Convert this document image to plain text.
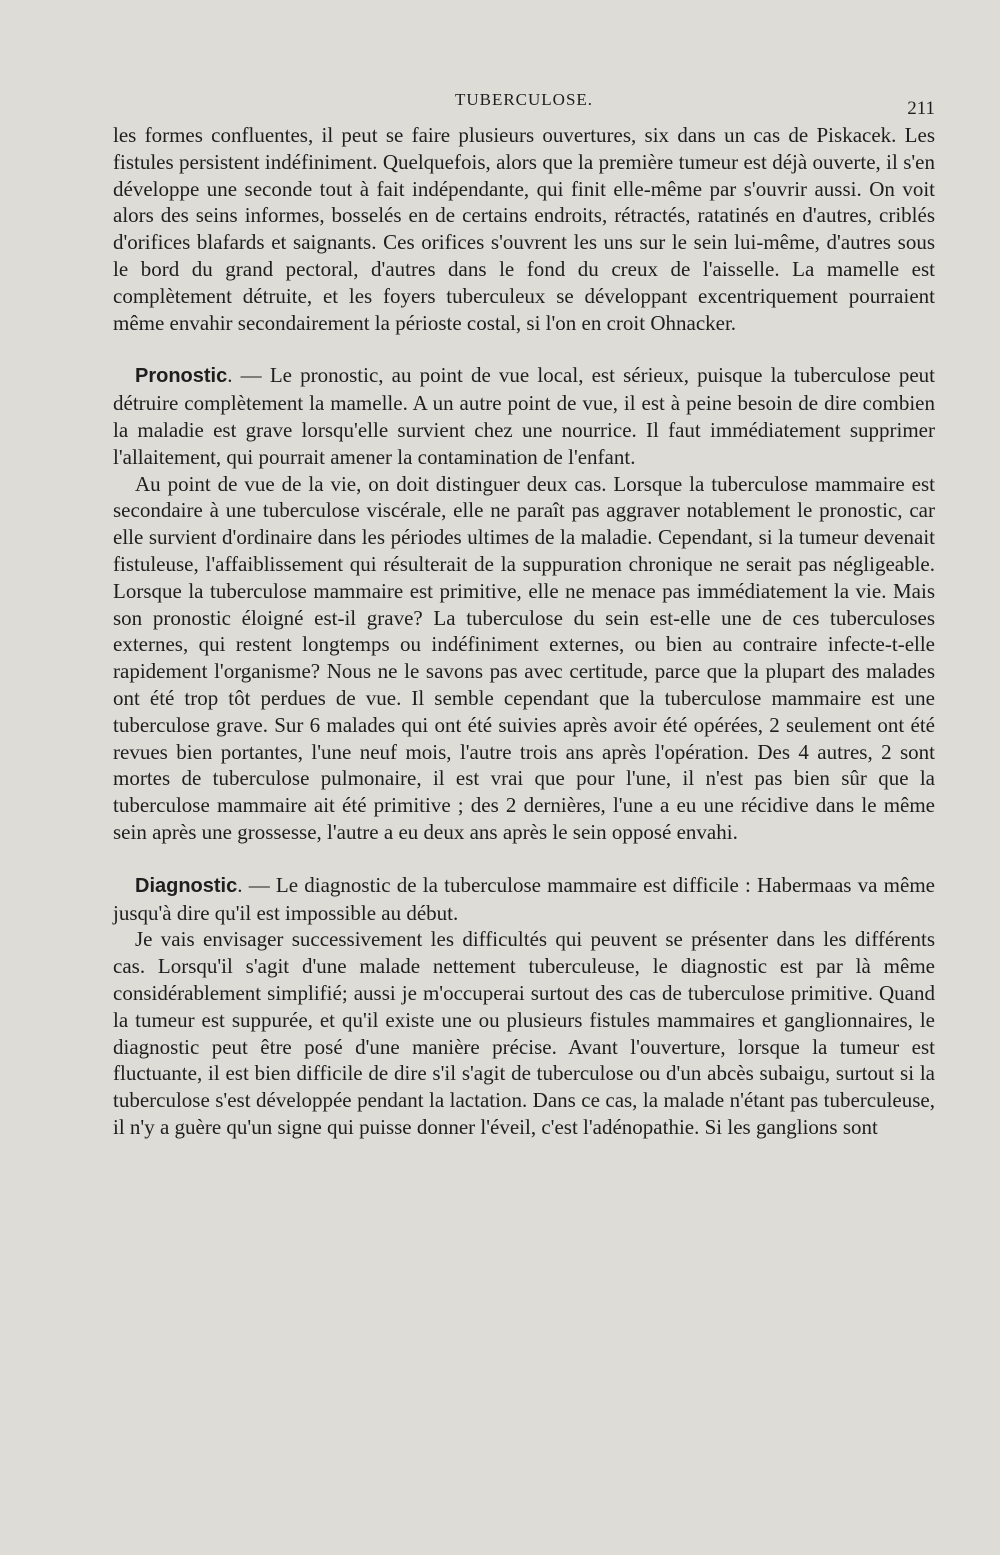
TUBERCULOSE.	211

les formes confluentes, il peut se faire plusieurs ouvertures, six dans un cas de Piskacek. Les fistules persistent indéfiniment. Quelquefois, alors que la première tumeur est déjà ouverte, il s'en développe une seconde tout à fait indépendante, qui finit elle-même par s'ouvrir aussi. On voit alors des seins informes, bosselés en de certains endroits, rétractés, ratatinés en d'autres, criblés d'orifices blafards et saignants. Ces orifices s'ouvrent les uns sur le sein lui-même, d'autres sous le bord du grand pectoral, d'autres dans le fond du creux de l'aisselle. La mamelle est complètement détruite, et les foyers tuberculeux se développant excentriquement pourraient même envahir secondairement la périoste costal, si l'on en croit Ohnacker.

Pronostic. — Le pronostic, au point de vue local, est sérieux, puisque la tuberculose peut détruire complètement la mamelle. A un autre point de vue, il est à peine besoin de dire combien la maladie est grave lorsqu'elle survient chez une nourrice. Il faut immédiatement supprimer l'allaitement, qui pourrait amener la contamination de l'enfant.

Au point de vue de la vie, on doit distinguer deux cas. Lorsque la tuberculose mammaire est secondaire à une tuberculose viscérale, elle ne paraît pas aggraver notablement le pronostic, car elle survient d'ordinaire dans les périodes ultimes de la maladie. Cependant, si la tumeur devenait fistuleuse, l'affaiblissement qui résulterait de la suppuration chronique ne serait pas négligeable. Lorsque la tuberculose mammaire est primitive, elle ne menace pas immédiatement la vie. Mais son pronostic éloigné est-il grave? La tuberculose du sein est-elle une de ces tuberculoses externes, qui restent longtemps ou indéfiniment externes, ou bien au contraire infecte-t-elle rapidement l'organisme? Nous ne le savons pas avec certitude, parce que la plupart des malades ont été trop tôt perdues de vue. Il semble cependant que la tuberculose mammaire est une tuberculose grave. Sur 6 malades qui ont été suivies après avoir été opérées, 2 seulement ont été revues bien portantes, l'une neuf mois, l'autre trois ans après l'opération. Des 4 autres, 2 sont mortes de tuberculose pulmonaire, il est vrai que pour l'une, il n'est pas bien sûr que la tuberculose mammaire ait été primitive ; des 2 dernières, l'une a eu une récidive dans le même sein après une grossesse, l'autre a eu deux ans après le sein opposé envahi.

Diagnostic. — Le diagnostic de la tuberculose mammaire est difficile : Habermaas va même jusqu'à dire qu'il est impossible au début.

Je vais envisager successivement les difficultés qui peuvent se présenter dans les différents cas. Lorsqu'il s'agit d'une malade nettement tuberculeuse, le diagnostic est par là même considérablement simplifié; aussi je m'occuperai surtout des cas de tuberculose primitive. Quand la tumeur est suppurée, et qu'il existe une ou plusieurs fistules mammaires et ganglionnaires, le diagnostic peut être posé d'une manière précise. Avant l'ouverture, lorsque la tumeur est fluctuante, il est bien difficile de dire s'il s'agit de tuberculose ou d'un abcès subaigu, surtout si la tuberculose s'est développée pendant la lactation. Dans ce cas, la malade n'étant pas tuberculeuse, il n'y a guère qu'un signe qui puisse donner l'éveil, c'est l'adénopathie. Si les ganglions sont
